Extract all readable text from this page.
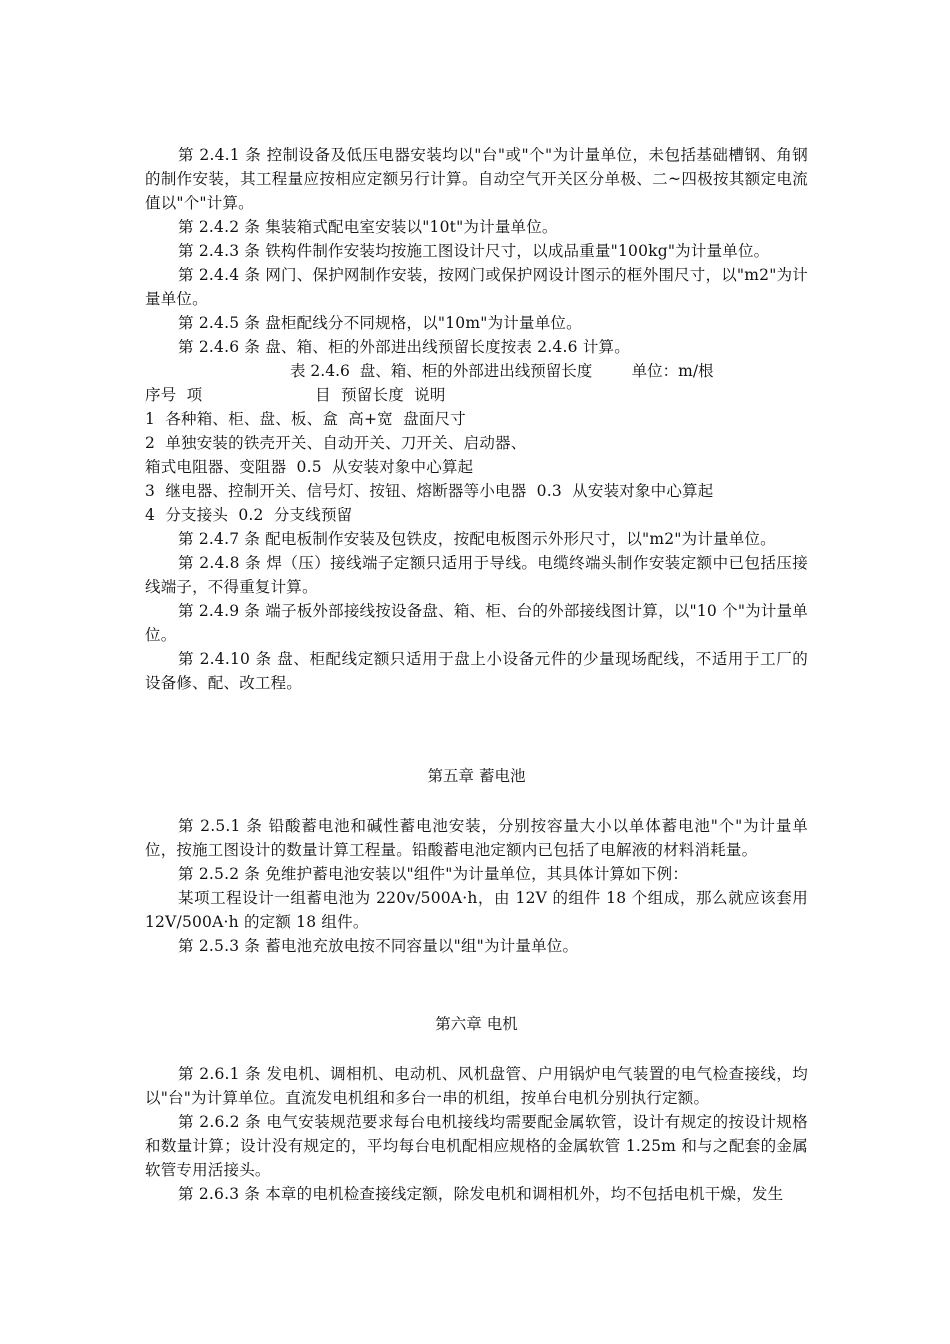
第 2.4.1 条 控制设备及低压电器安装均以"台"或"个"为计量单位，未包括基础槽钢、角钢的制作安装，其工程量应按相应定额另行计算。自动空气开关区分单极、二~四极按其额定电流值以"个"计算。

第 2.4.2 条 集装箱式配电室安装以"10t"为计量单位。

第 2.4.3 条 铁构件制作安装均按施工图设计尺寸，以成品重量"100kg"为计量单位。

第 2.4.4 条 网门、保护网制作安装，按网门或保护网设计图示的框外围尺寸，以"m2"为计量单位。

第 2.4.5 条 盘柜配线分不同规格，以"10m"为计量单位。

第 2.4.6 条 盘、箱、柜的外部进出线预留长度按表 2.4.6 计算。

表 2.4.6  盘、箱、柜的外部进出线预留长度        单位：m/根

序号  项                      目  预留长度  说明

1  各种箱、柜、盘、板、盒  高+宽  盘面尺寸

2  单独安装的铁壳开关、自动开关、刀开关、启动器、

箱式电阻器、变阻器  0.5  从安装对象中心算起

3  继电器、控制开关、信号灯、按钮、熔断器等小电器  0.3  从安装对象中心算起

4  分支接头  0.2  分支线预留

第 2.4.7 条 配电板制作安装及包铁皮，按配电板图示外形尺寸，以"m2"为计量单位。

第 2.4.8 条 焊（压）接线端子定额只适用于导线。电缆终端头制作安装定额中已包括压接线端子，不得重复计算。

第 2.4.9 条 端子板外部接线按设备盘、箱、柜、台的外部接线图计算，以"10 个"为计量单位。

第 2.4.10 条 盘、柜配线定额只适用于盘上小设备元件的少量现场配线，不适用于工厂的设备修、配、改工程。

第五章 蓄电池

第 2.5.1 条 铅酸蓄电池和碱性蓄电池安装，分别按容量大小以单体蓄电池"个"为计量单位，按施工图设计的数量计算工程量。铅酸蓄电池定额内已包括了电解液的材料消耗量。

第 2.5.2 条 免维护蓄电池安装以"组件"为计量单位，其具体计算如下例：

某项工程设计一组蓄电池为 220v/500A·h，由 12V 的组件 18 个组成，那么就应该套用 12V/500A·h 的定额 18 组件。

第 2.5.3 条 蓄电池充放电按不同容量以"组"为计量单位。

第六章 电机

第 2.6.1 条 发电机、调相机、电动机、风机盘管、户用锅炉电气装置的电气检查接线，均以"台"为计算单位。直流发电机组和多台一串的机组，按单台电机分别执行定额。

第 2.6.2 条 电气安装规范要求每台电机接线均需要配金属软管，设计有规定的按设计规格和数量计算；设计没有规定的，平均每台电机配相应规格的金属软管 1.25m 和与之配套的金属软管专用活接头。

第 2.6.3 条 本章的电机检查接线定额，除发电机和调相机外，均不包括电机干燥，发生
